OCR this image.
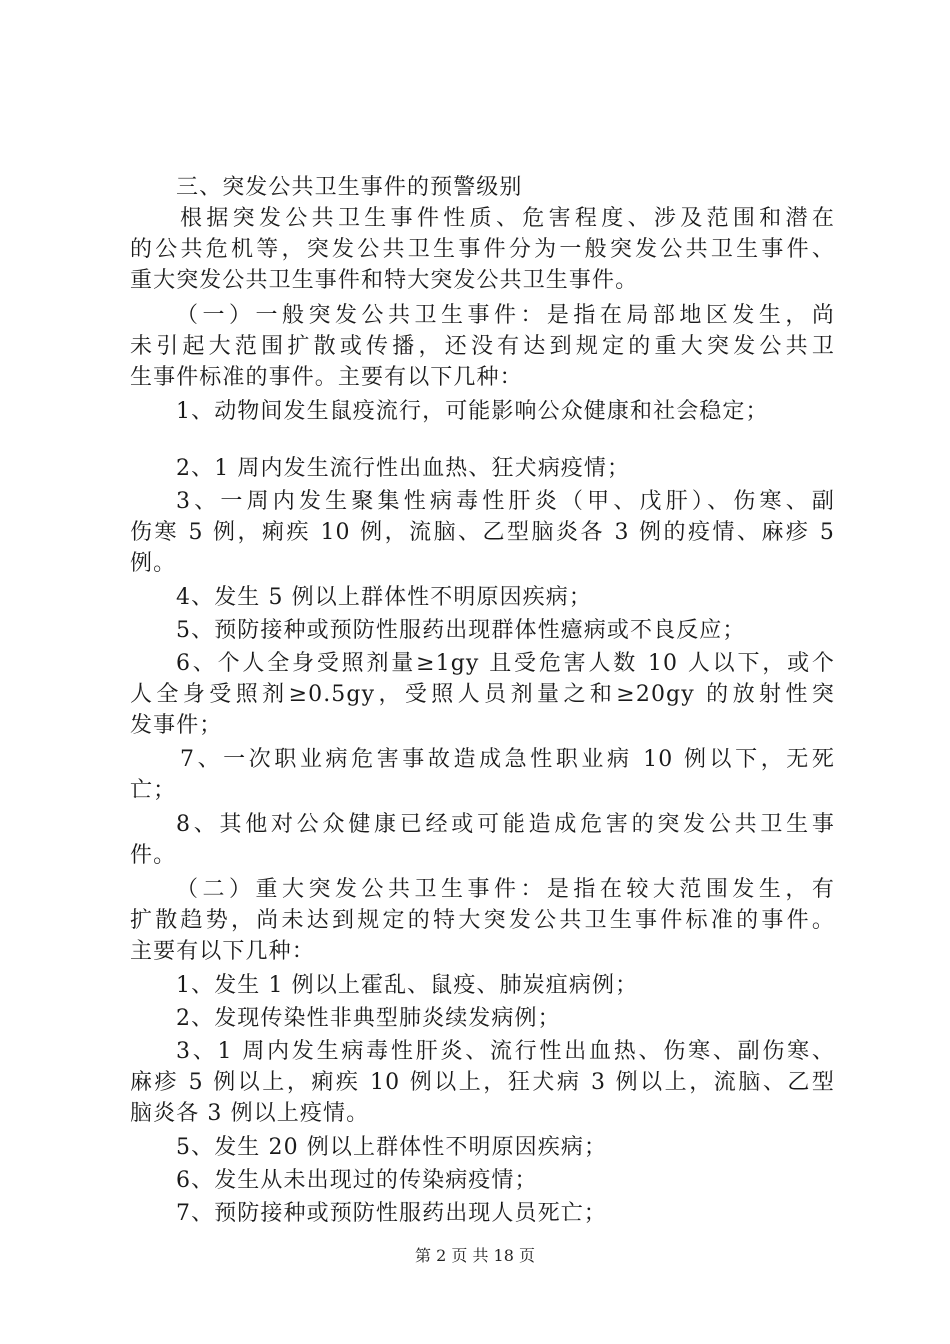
三、突发公共卫生事件的预警级别
根据突发公共卫生事件性质、危害程度、涉及范围和潜在
的公共危机等，突发公共卫生事件分为一般突发公共卫生事件、
重大突发公共卫生事件和特大突发公共卫生事件。
（一）一般突发公共卫生事件：是指在局部地区发生，尚
未引起大范围扩散或传播，还没有达到规定的重大突发公共卫
生事件标准的事件。主要有以下几种：
1、动物间发生鼠疫流行，可能影响公众健康和社会稳定；
2、1 周内发生流行性出血热、狂犬病疫情；
3、一周内发生聚集性病毒性肝炎（甲、戊肝）、伤寒、副
伤寒 5 例，痢疾 10 例，流脑、乙型脑炎各 3 例的疫情、麻疹 5
例。
4、发生 5 例以上群体性不明原因疾病；
5、预防接种或预防性服药出现群体性癔病或不良反应；
6、个人全身受照剂量≥1gy 且受危害人数 10 人以下，或个
人全身受照剂≥0.5gy，受照人员剂量之和≥20gy 的放射性突
发事件；
7、一次职业病危害事故造成急性职业病 10 例以下，无死
亡；
8、其他对公众健康已经或可能造成危害的突发公共卫生事
件。
（二）重大突发公共卫生事件：是指在较大范围发生，有
扩散趋势，尚未达到规定的特大突发公共卫生事件标准的事件。
主要有以下几种：
1、发生 1 例以上霍乱、鼠疫、肺炭疽病例；
2、发现传染性非典型肺炎续发病例；
3、1 周内发生病毒性肝炎、流行性出血热、伤寒、副伤寒、
麻疹 5 例以上，痢疾 10 例以上，狂犬病 3 例以上，流脑、乙型
脑炎各 3 例以上疫情。
5、发生 20 例以上群体性不明原因疾病；
6、发生从未出现过的传染病疫情；
7、预防接种或预防性服药出现人员死亡；
第 2 页 共 18 页
